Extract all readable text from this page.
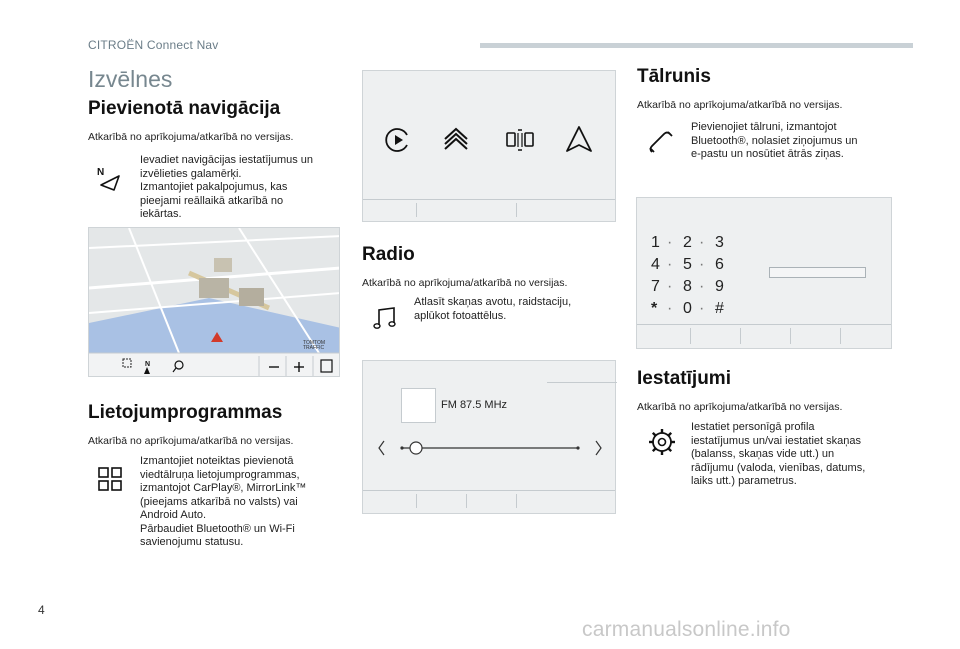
CITROËN Connect Nav
Izvēlnes
Pievienotā navigācija
Atkarībā no aprīkojuma/atkarībā no versijas.
N
Ievadiet navigācijas iestatījumus un
izvēlieties galamērķi.
Izmantojiet pakalpojumus, kas
pieejami reāllaikā atkarībā no
iekārtas.
TOMTOM
TRAFFIC
N
Lietojumprogrammas
Atkarībā no aprīkojuma/atkarībā no versijas.
Izmantojiet noteiktas pievienotā
viedtālruņa lietojumprogrammas,
izmantojot CarPlay®, MirrorLink™
(pieejams atkarībā no valsts) vai
Android Auto.
Pārbaudiet Bluetooth® un Wi-Fi
savienojumu statusu.
Radio
Atkarībā no aprīkojuma/atkarībā no versijas.
Atlasīt skaņas avotu, raidstaciju,
aplūkot fotoattēlus.
FM 87.5 MHz
Tālrunis
Atkarībā no aprīkojuma/atkarībā no versijas.
Pievienojiet tālruni, izmantojot
Bluetooth®, nolasiet ziņojumus un
e-pastu un nosūtiet ātrās ziņas.
1 · 2 · 3
4 · 5 · 6
7 · 8 · 9
* · 0 · #
Iestatījumi
Atkarībā no aprīkojuma/atkarībā no versijas.
Iestatiet personīgā profila
iestatījumus un/vai iestatiet skaņas
(balanss, skaņas vide utt.) un
rādījumu (valoda, vienības, datums,
laiks utt.) parametrus.
4
carmanualsonline.info
